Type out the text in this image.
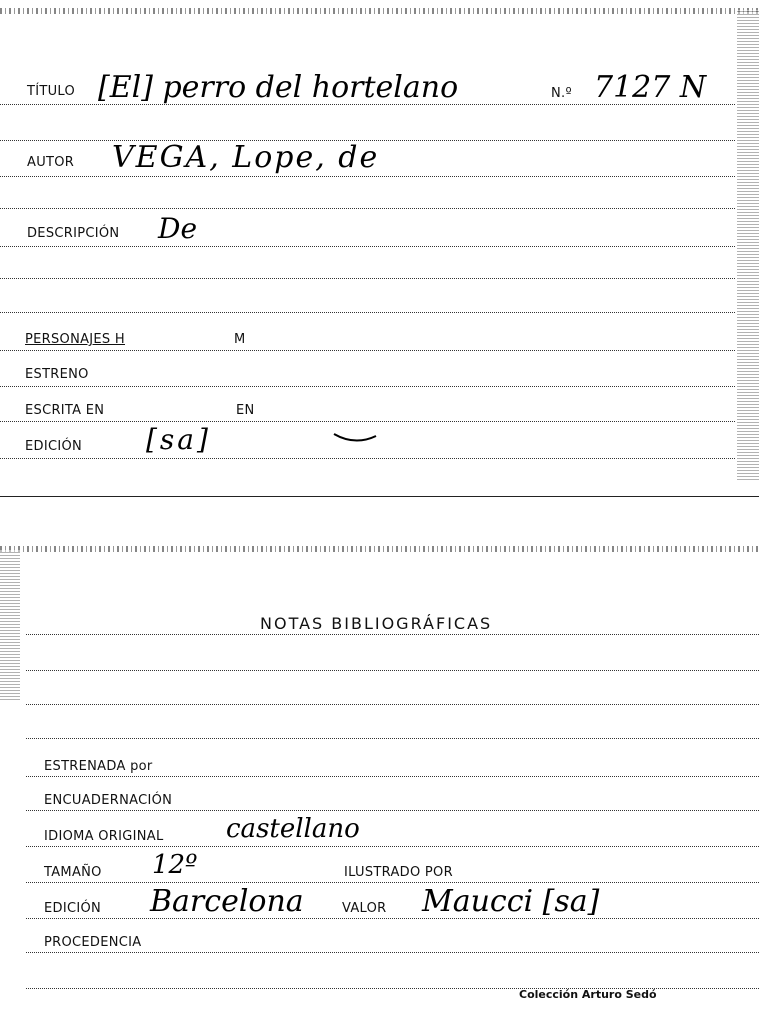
TÍTULO [El] perro del hortelano	N.º 7127 N
AUTOR VEGA, Lope, de
DESCRIPCIÓN De
PERSONAJES H	M
ESTRENO
ESCRITA EN	EN
EDICIÓN [sa]
NOTAS BIBLIOGRÁFICAS
ESTRENADA por
ENCUADERNACIÓN
IDIOMA ORIGINAL castellano
TAMAÑO 12º	ILUSTRADO POR
EDICIÓN Barcelona	VALOR Maucci [sa]
PROCEDENCIA
Colección Arturo Sedó
